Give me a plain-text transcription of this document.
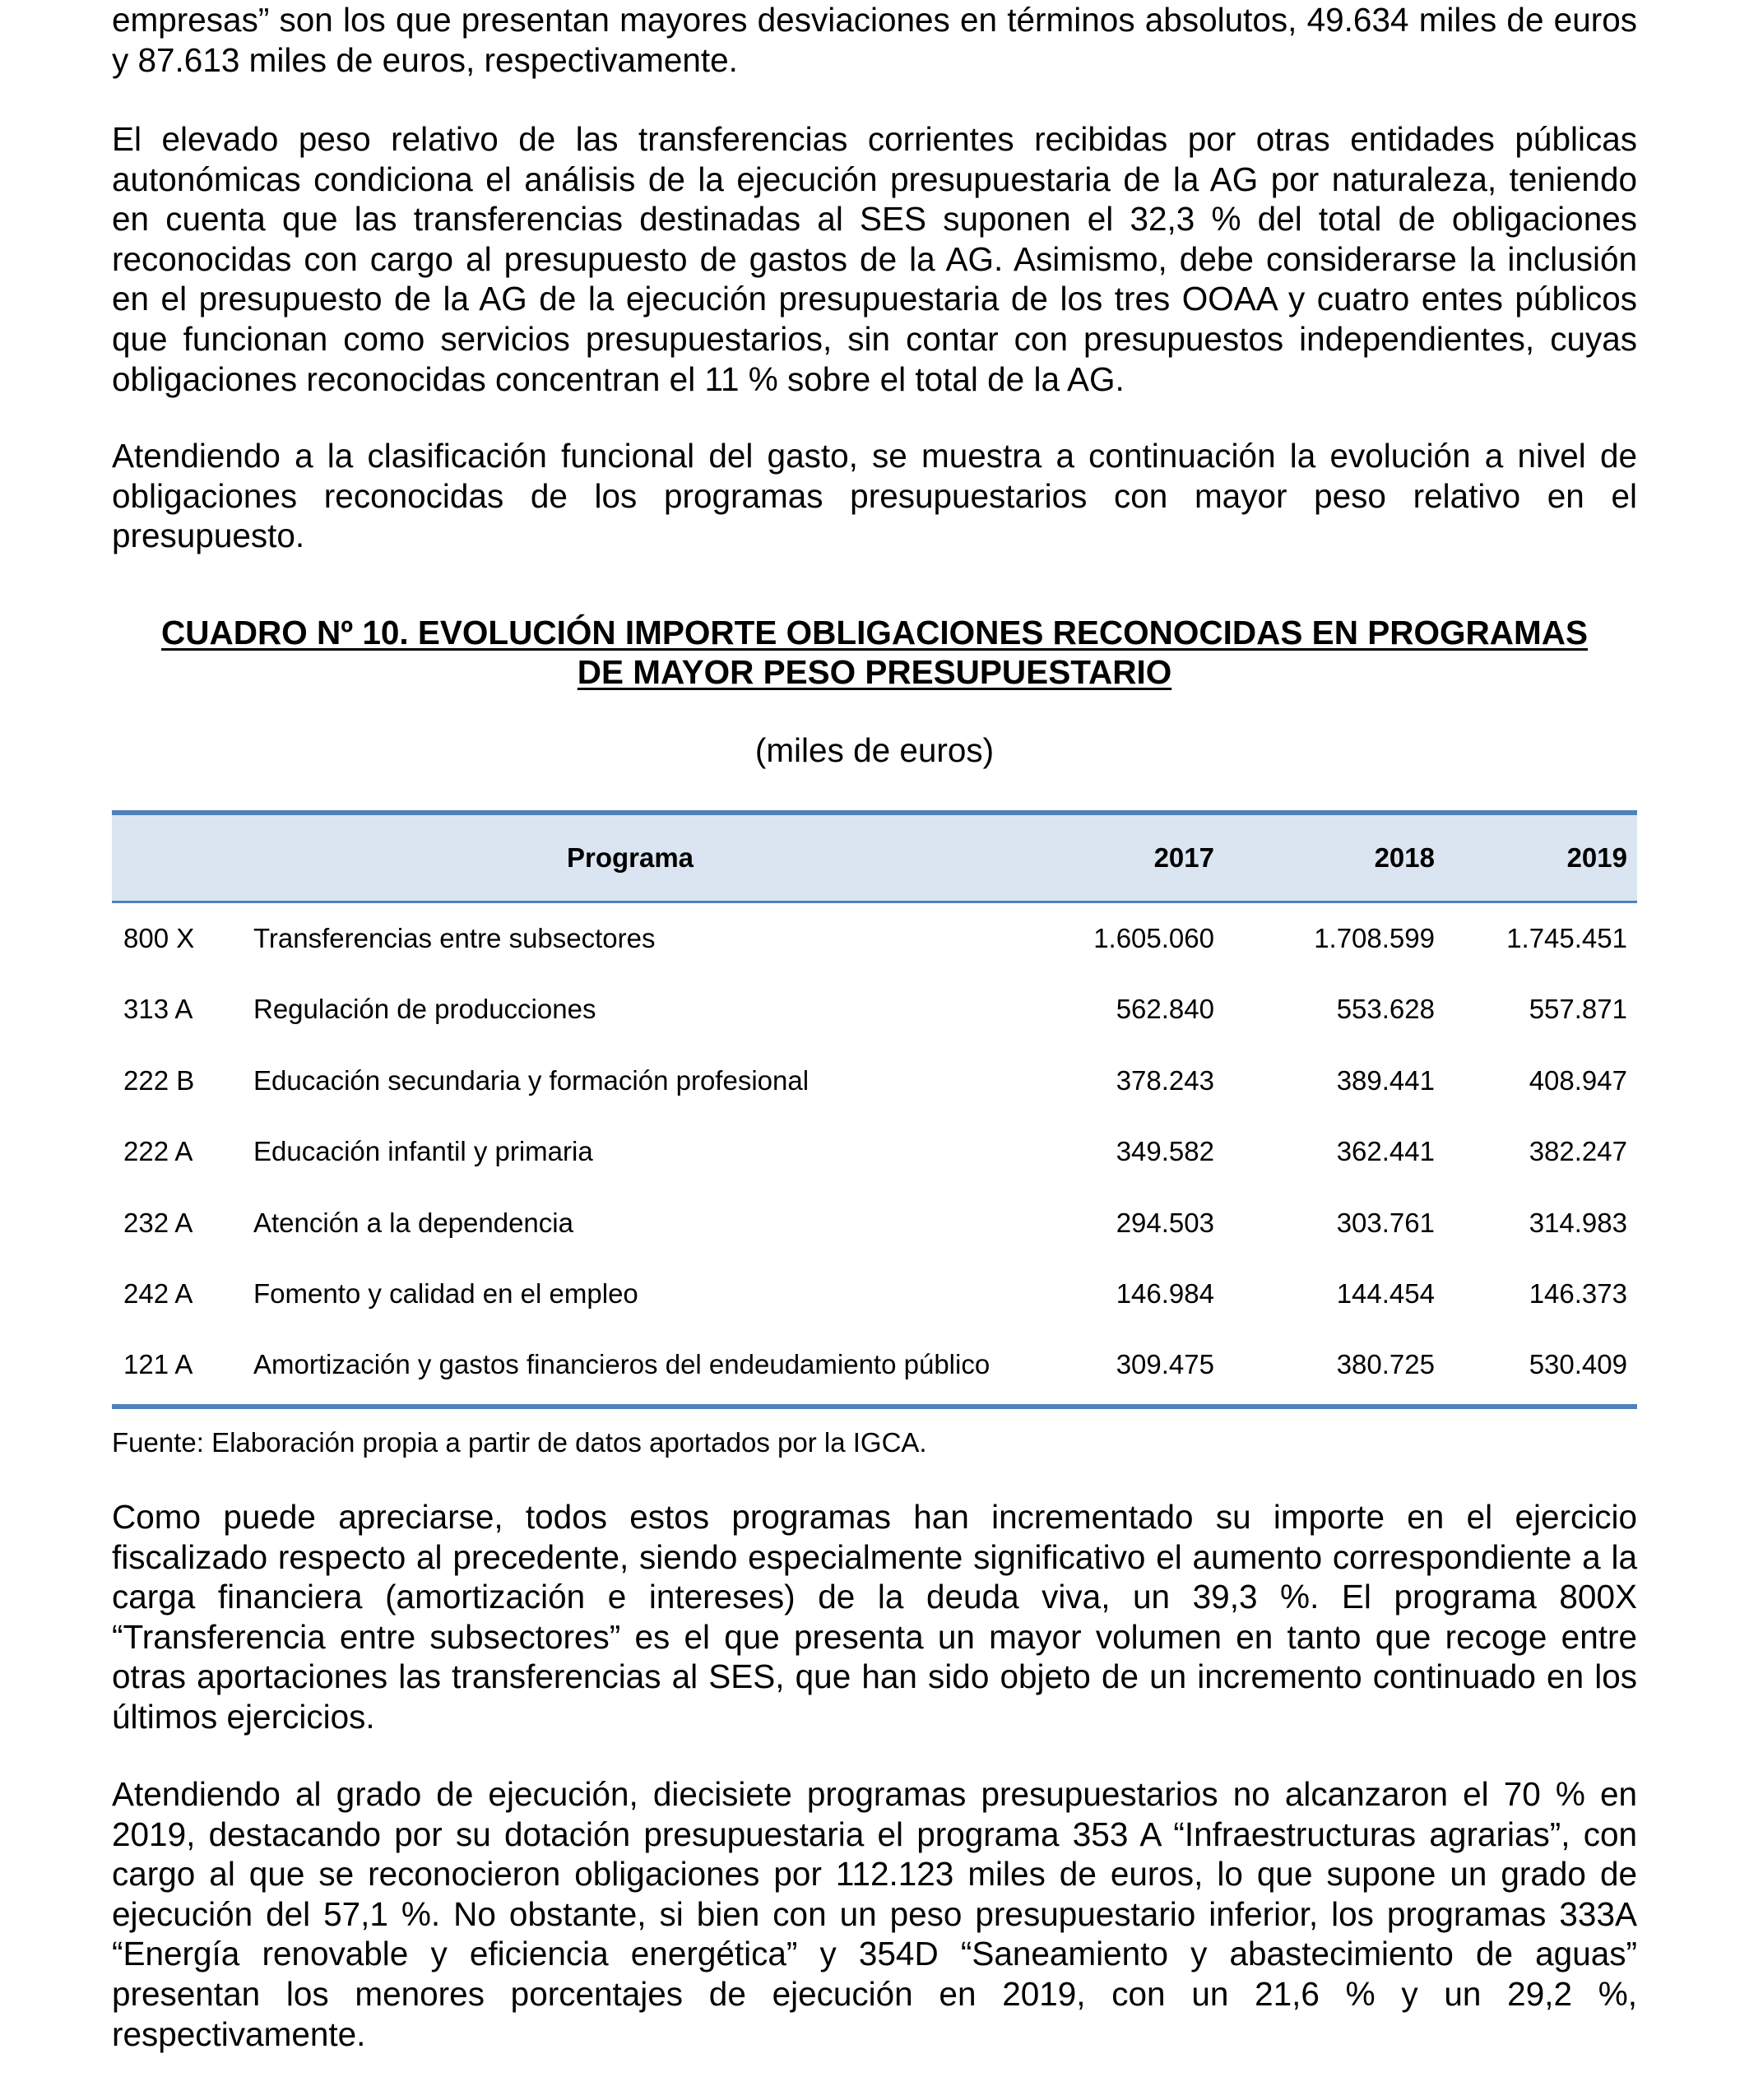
empresas” son los que presentan mayores desviaciones en términos absolutos, 49.634 miles de euros y 87.613 miles de euros, respectivamente.

El elevado peso relativo de las transferencias corrientes recibidas por otras entidades públicas autonómicas condiciona el análisis de la ejecución presupuestaria de la AG por naturaleza, teniendo en cuenta que las transferencias destinadas al SES suponen el 32,3 % del total de obligaciones reconocidas con cargo al presupuesto de gastos de la AG. Asimismo, debe considerarse la inclusión en el presupuesto de la AG de la ejecución presupuestaria de los tres OOAA y cuatro entes públicos que funcionan como servicios presupuestarios, sin contar con presupuestos independientes, cuyas obligaciones reconocidas concentran el 11 % sobre el total de la AG.

Atendiendo a la clasificación funcional del gasto, se muestra a continuación la evolución a nivel de obligaciones reconocidas de los programas presupuestarios con mayor peso relativo en el presupuesto.

CUADRO Nº 10. EVOLUCIÓN IMPORTE OBLIGACIONES RECONOCIDAS EN PROGRAMAS
DE MAYOR PESO PRESUPUESTARIO

(miles de euros)

Programa	2017	2018	2019
800 X	Transferencias entre subsectores	1.605.060	1.708.599	1.745.451
313 A	Regulación de producciones	562.840	553.628	557.871
222 B	Educación secundaria y formación profesional	378.243	389.441	408.947
222 A	Educación infantil y primaria	349.582	362.441	382.247
232 A	Atención a la dependencia	294.503	303.761	314.983
242 A	Fomento y calidad en el empleo	146.984	144.454	146.373
121 A	Amortización y gastos financieros del endeudamiento público	309.475	380.725	530.409

Fuente: Elaboración propia a partir de datos aportados por la IGCA.

Como puede apreciarse, todos estos programas han incrementado su importe en el ejercicio fiscalizado respecto al precedente, siendo especialmente significativo el aumento correspondiente a la carga financiera (amortización e intereses) de la deuda viva, un 39,3 %. El programa 800X “Transferencia entre subsectores” es el que presenta un mayor volumen en tanto que recoge entre otras aportaciones las transferencias al SES, que han sido objeto de un incremento continuado en los últimos ejercicios.

Atendiendo al grado de ejecución, diecisiete programas presupuestarios no alcanzaron el 70 % en 2019, destacando por su dotación presupuestaria el programa 353 A “Infraestructuras agrarias”, con cargo al que se reconocieron obligaciones por 112.123 miles de euros, lo que supone un grado de ejecución del 57,1 %. No obstante, si bien con un peso presupuestario inferior, los programas 333A “Energía renovable y eficiencia energética” y 354D “Saneamiento y abastecimiento de aguas” presentan los menores porcentajes de ejecución en 2019, con un 21,6 % y un 29,2 %, respectivamente.
